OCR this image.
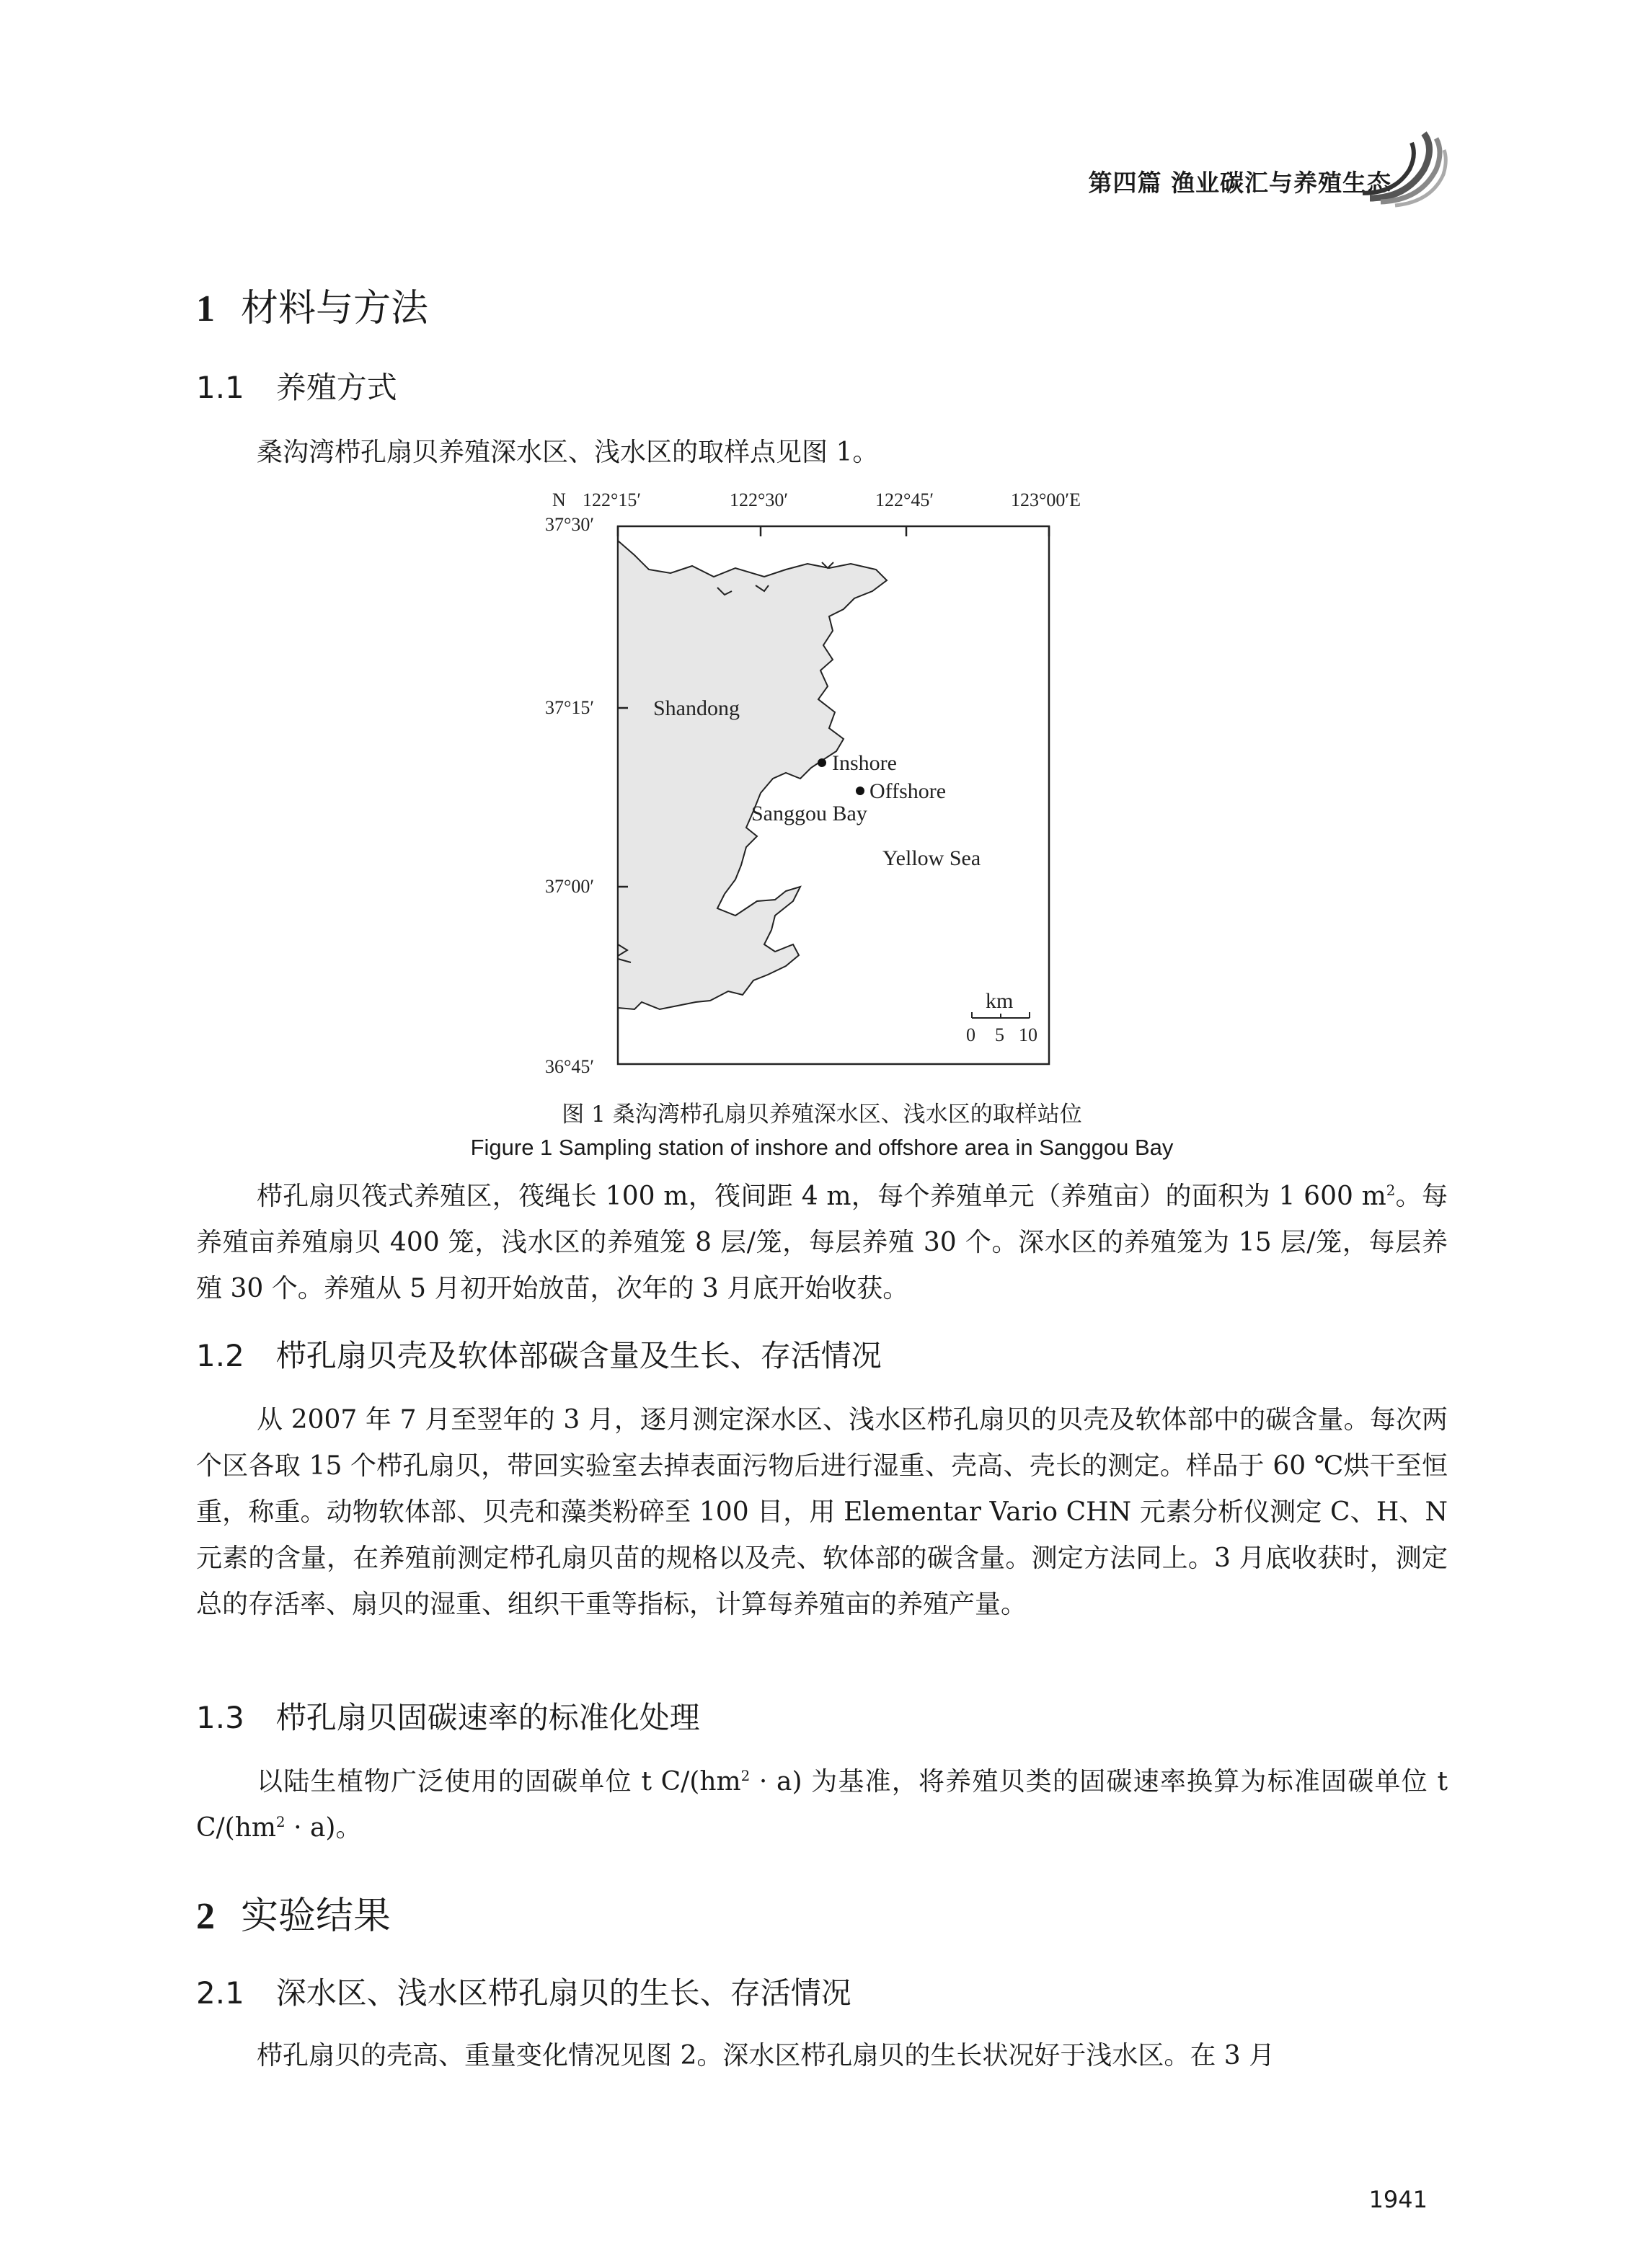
第四篇 渔业碳汇与养殖生态
1 材料与方法
1.1 养殖方式

桑沟湾栉孔扇贝养殖深水区、浅水区的取样点见图 1。

N 122°15′	122°30′	122°45′	123°00′E
37°30′
37°15′
37°00′
36°45′
Shandong
Inshore
Offshore
Sanggou Bay
Yellow Sea
km
0 5 10
图 1 桑沟湾栉孔扇贝养殖深水区、浅水区的取样站位
Figure 1 Sampling station of inshore and offshore area in Sanggou Bay

栉孔扇贝筏式养殖区，筏绳长 100 m，筏间距 4 m，每个养殖单元（养殖亩）的面积为 1 600 $m^2$。每养殖亩养殖扇贝 400 笼，浅水区的养殖笼 8 层/笼，每层养殖 30 个。深水区的养殖笼为 15 层/笼，每层养殖 30 个。养殖从 5 月初开始放苗，次年的 3 月底开始收获。

1.2 栉孔扇贝壳及软体部碳含量及生长、存活情况

从 2007 年 7 月至翌年的 3 月，逐月测定深水区、浅水区栉孔扇贝的贝壳及软体部中的碳含量。每次两个区各取 15 个栉孔扇贝，带回实验室去掉表面污物后进行湿重、壳高、壳长的测定。样品于 60 ℃烘干至恒重，称重。动物软体部、贝壳和藻类粉碎至 100 目，用 Elementar Vario CHN 元素分析仪测定 C、H、N 元素的含量，在养殖前测定栉孔扇贝苗的规格以及壳、软体部的碳含量。测定方法同上。3 月底收获时，测定总的存活率、扇贝的湿重、组织干重等指标，计算每养殖亩的养殖产量。

1.3 栉孔扇贝固碳速率的标准化处理

以陆生植物广泛使用的固碳单位 t $C/(hm^2 \cdot a)$ 为基准，将养殖贝类的固碳速率换算为标准固碳单位 t $C/(hm^2 \cdot a)$。

2 实验结果
2.1 深水区、浅水区栉孔扇贝的生长、存活情况

栉孔扇贝的壳高、重量变化情况见图 2。深水区栉孔扇贝的生长状况好于浅水区。在 3 月

1941
